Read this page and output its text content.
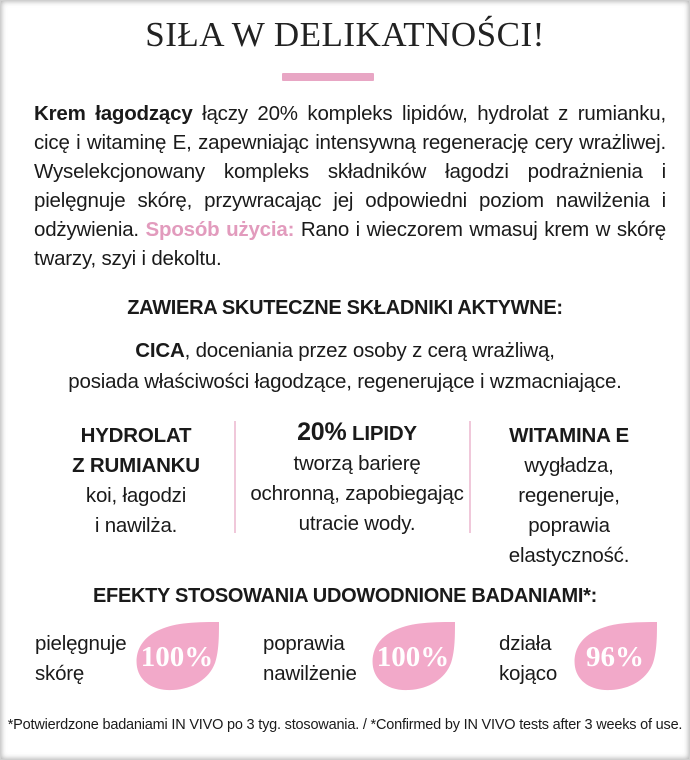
SIŁA W DELIKATNOŚCI!
Krem łagodzący łączy 20% kompleks lipidów, hydrolat z rumianku, cicę i witaminę E, zapewniając intensywną regenerację cery wrażliwej. Wyselekcjonowany kompleks składników łagodzi podrażnienia i pielęgnuje skórę, przywracając jej odpowiedni poziom nawilżenia i odżywienia. Sposób użycia: Rano i wieczorem wmasuj krem w skórę twarzy, szyi i dekoltu.
ZAWIERA SKUTECZNE SKŁADNIKI AKTYWNE:
CICA, doceniania przez osoby z cerą wrażliwą,
posiada właściwości łagodzące, regenerujące i wzmacniające.
HYDROLAT
Z RUMIANKU
koi, łagodzi
i nawilża.
20% LIPIDY
tworzą barierę
ochronną, zapobiegając
utracie wody.
WITAMINA E
wygładza,
regeneruje, poprawia
elastyczność.
EFEKTY STOSOWANIA UDOWODNIONE BADANIAMI*:
pielęgnuje
skórę
100%	poprawia
nawilżenie
100%	działa
kojąco
96%
*Potwierdzone badaniami IN VIVO po 3 tyg. stosowania. / *Confirmed by IN VIVO tests after 3 weeks of use.
